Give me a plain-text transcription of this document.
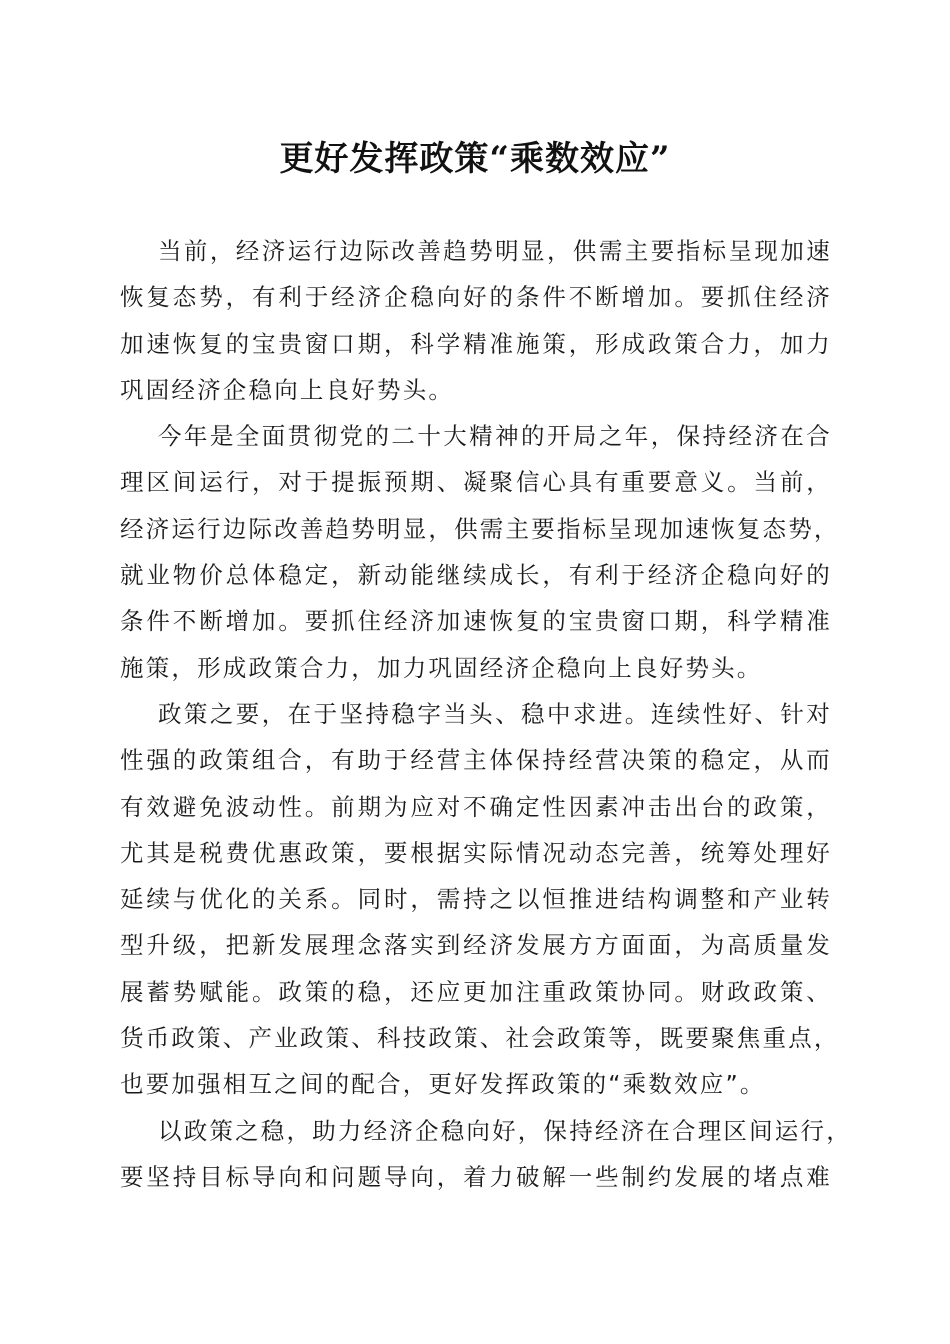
更好发挥政策“乘数效应”

当前，经济运行边际改善趋势明显，供需主要指标呈现加速
恢复态势，有利于经济企稳向好的条件不断增加。要抓住经济
加速恢复的宝贵窗口期，科学精准施策，形成政策合力，加力
巩固经济企稳向上良好势头。

今年是全面贯彻党的二十大精神的开局之年，保持经济在合
理区间运行，对于提振预期、凝聚信心具有重要意义。当前，
经济运行边际改善趋势明显，供需主要指标呈现加速恢复态势，
就业物价总体稳定，新动能继续成长，有利于经济企稳向好的
条件不断增加。要抓住经济加速恢复的宝贵窗口期，科学精准
施策，形成政策合力，加力巩固经济企稳向上良好势头。

政策之要，在于坚持稳字当头、稳中求进。连续性好、针对
性强的政策组合，有助于经营主体保持经营决策的稳定，从而
有效避免波动性。前期为应对不确定性因素冲击出台的政策，
尤其是税费优惠政策，要根据实际情况动态完善，统筹处理好
延续与优化的关系。同时，需持之以恒推进结构调整和产业转
型升级，把新发展理念落实到经济发展方方面面，为高质量发
展蓄势赋能。政策的稳，还应更加注重政策协同。财政政策、
货币政策、产业政策、科技政策、社会政策等，既要聚焦重点，
也要加强相互之间的配合，更好发挥政策的“乘数效应”。

以政策之稳，助力经济企稳向好，保持经济在合理区间运行，
要坚持目标导向和问题导向，着力破解一些制约发展的堵点难
